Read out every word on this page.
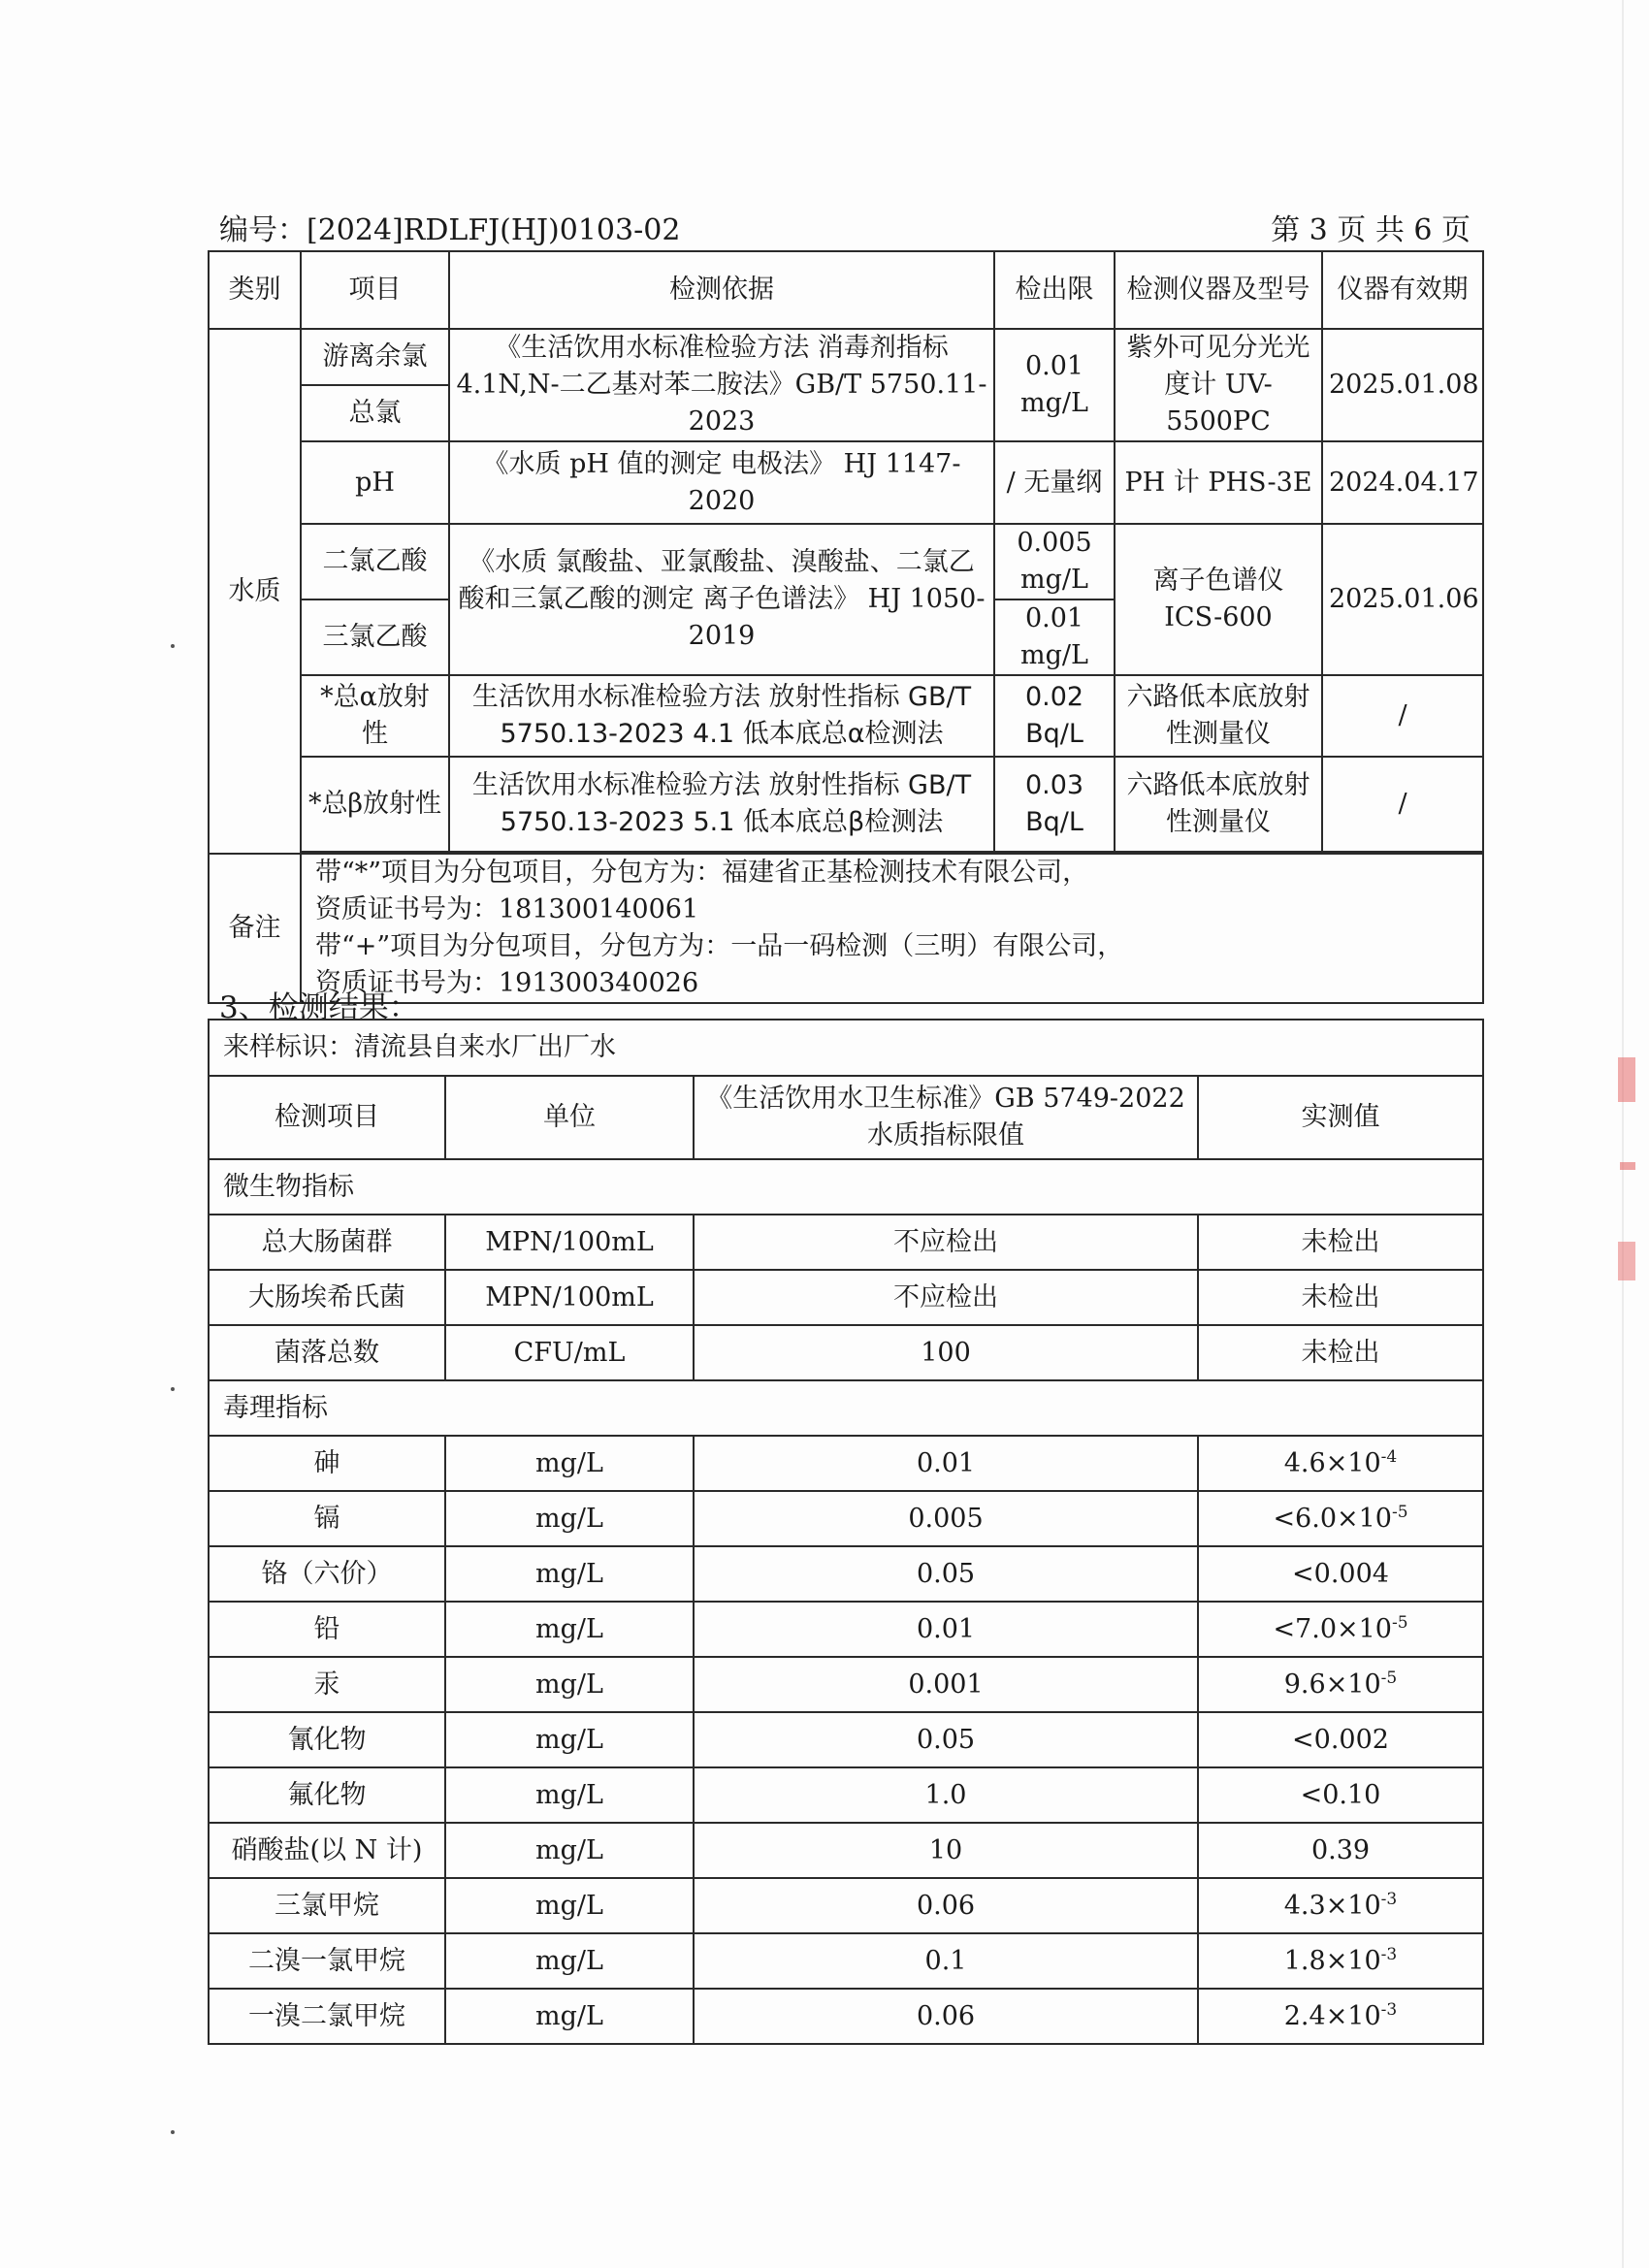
编号：[2024]RDLFJ(HJ)0103-02	第 3 页 共 6 页
类别	项目	检测依据	检出限	检测仪器及型号	仪器有效期
水质	游离余氯	《生活饮用水标准检验方法 消毒剂指标 4.1N,N-二乙基对苯二胺法》GB/T 5750.11-2023	0.01 mg/L	紫外可见分光光度计 UV-5500PC	2025.01.08
	总氯				
	pH	《水质 pH 值的测定 电极法》 HJ 1147-2020	/ 无量纲	PH 计 PHS-3E	2024.04.17
	二氯乙酸	《水质 氯酸盐、亚氯酸盐、溴酸盐、二氯乙酸和三氯乙酸的测定 离子色谱法》 HJ 1050-2019	0.005 mg/L	离子色谱仪 ICS-600	2025.01.06
	三氯乙酸		0.01 mg/L		
	*总α放射性	生活饮用水标准检验方法 放射性指标 GB/T 5750.13-2023 4.1 低本底总α检测法	0.02 Bq/L	六路低本底放射性测量仪	/
	*总β放射性	生活饮用水标准检验方法 放射性指标 GB/T 5750.13-2023 5.1 低本底总β检测法	0.03 Bq/L	六路低本底放射性测量仪	/

备注	带“*”项目为分包项目，分包方为：福建省正基检测技术有限公司，
资质证书号为：181300140061
带“+”项目为分包项目，分包方为：一品一码检测（三明）有限公司，
资质证书号为：191300340026				
3、检测结果：
来样标识：清流县自来水厂出厂水			
检测项目	单位	《生活饮用水卫生标准》GB 5749-2022 水质指标限值	实测值
微生物指标			
总大肠菌群	MPN/100mL	不应检出	未检出
大肠埃希氏菌	MPN/100mL	不应检出	未检出
菌落总数	CFU/mL	100	未检出
毒理指标			
砷	mg/L	0.01	$4.6\times 10^{-4}$
镉	mg/L	0.005	$<6.0\times 10^{-5}$
铬（六价）	mg/L	0.05	<0.004
铅	mg/L	0.01	$<7.0\times 10^{-5}$
汞	mg/L	0.001	$9.6\times 10^{-5}$
氰化物	mg/L	0.05	<0.002
氟化物	mg/L	1.0	<0.10
硝酸盐(以 N 计)	mg/L	10	0.39
三氯甲烷	mg/L	0.06	$4.3\times 10^{-3}$
二溴一氯甲烷	mg/L	0.1	$1.8\times 10^{-3}$
一溴二氯甲烷	mg/L	0.06	$2.4\times 10^{-3}$
